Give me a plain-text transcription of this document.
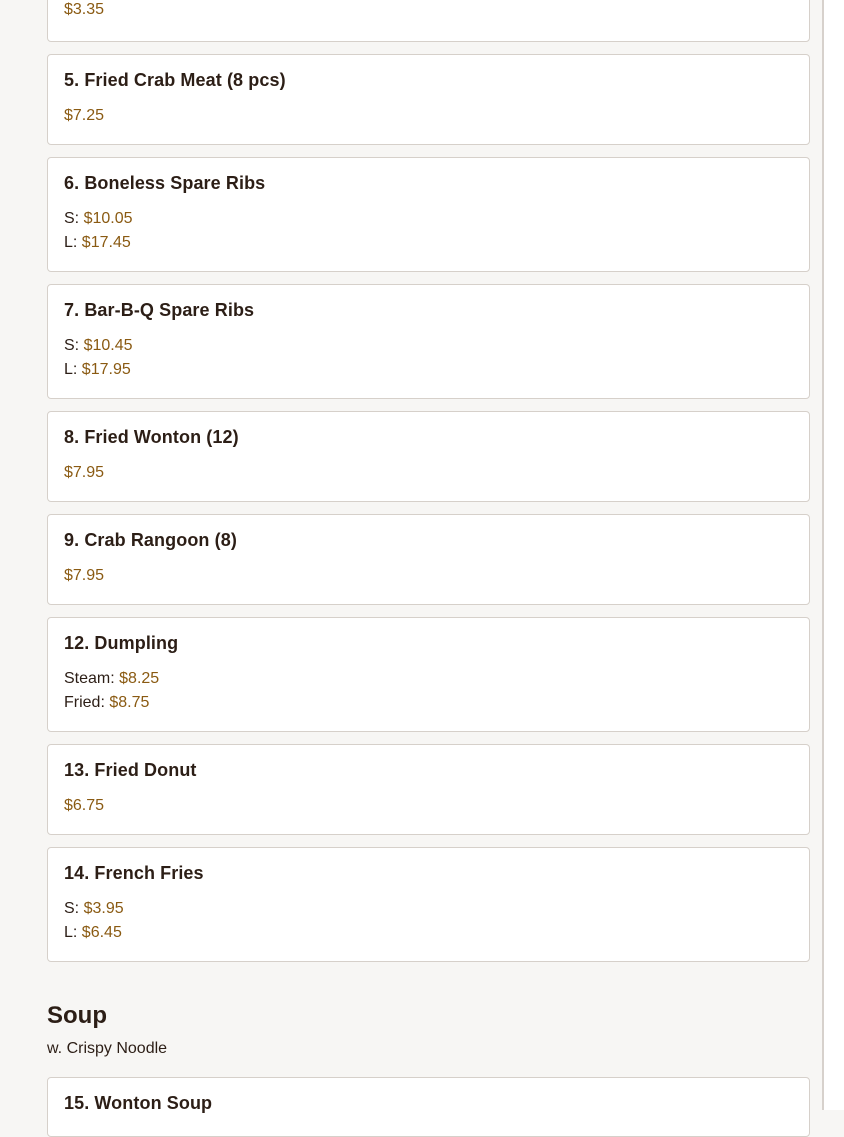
$3.35
5. Fried Crab Meat (8 pcs)
$7.25
6. Boneless Spare Ribs
S: $10.05
L: $17.45
7. Bar-B-Q Spare Ribs
S: $10.45
L: $17.95
8. Fried Wonton (12)
$7.95
9. Crab Rangoon (8)
$7.95
12. Dumpling
Steam: $8.25
Fried: $8.75
13. Fried Donut
$6.75
14. French Fries
S: $3.95
L: $6.45
Soup
w. Crispy Noodle
15. Wonton Soup
